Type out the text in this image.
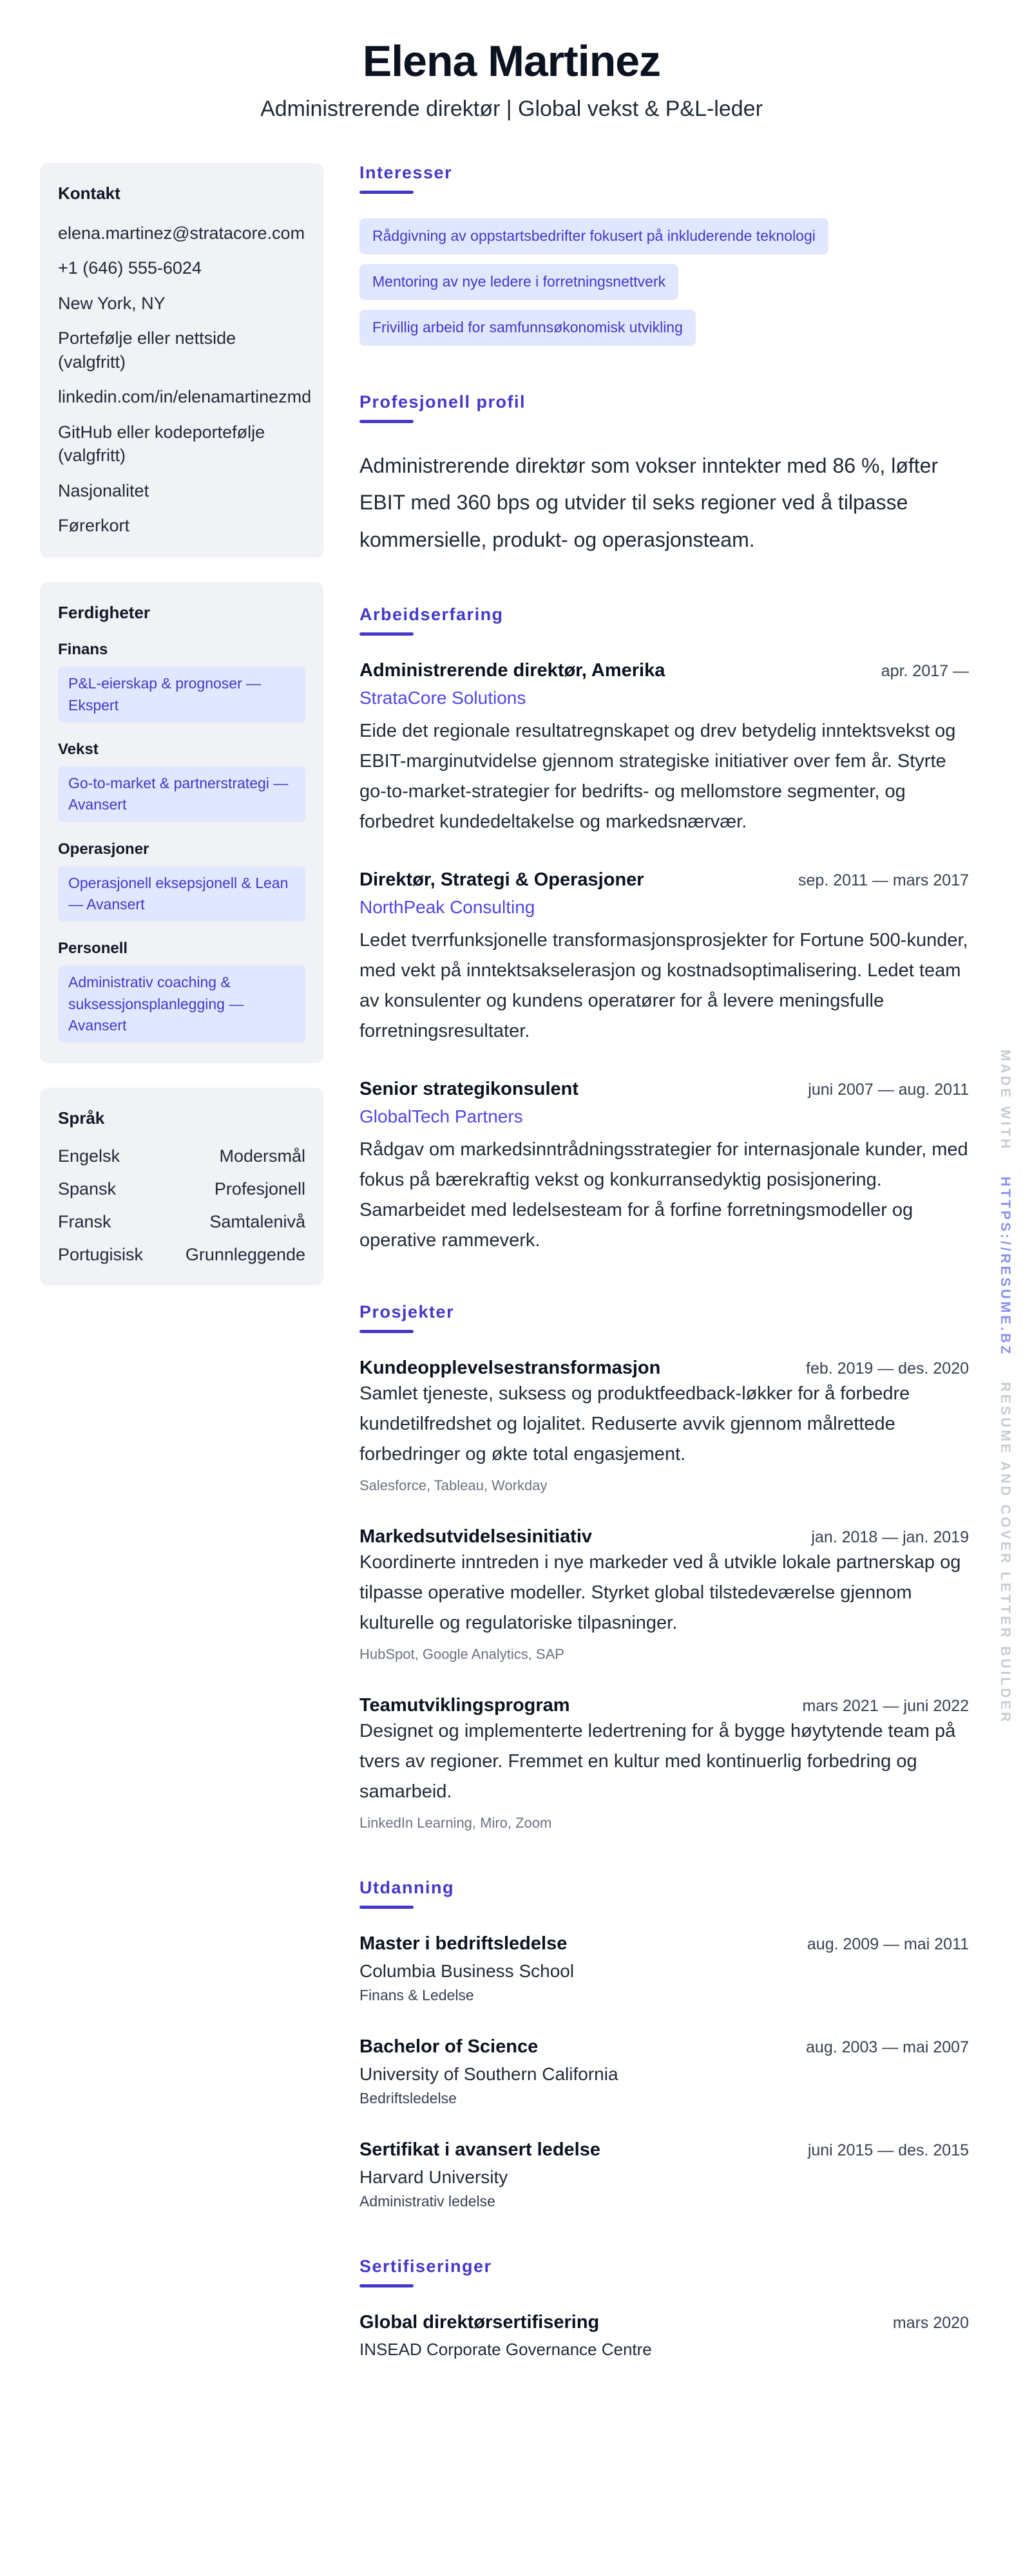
Elena Martinez
Administrerende direktør | Global vekst & P&L-leder
Kontakt
elena.martinez@stratacore.com
+1 (646) 555-6024
New York, NY
Portefølje eller nettside (valgfritt)
linkedin.com/in/elenamartinezmd
GitHub eller kodeportefølje (valgfritt)
Nasjonalitet
Førerkort
Ferdigheter
Finans
P&L-eierskap & prognoser — Ekspert
Vekst
Go-to-market & partnerstrategi — Avansert
Operasjoner
Operasjonell eksepsjonell & Lean — Avansert
Personell
Administrativ coaching & suksessjonsplanlegging — Avansert
Språk
Engelsk	Modersmål
Spansk	Profesjonell
Fransk	Samtalenivå
Portugisisk Grunnleggende
Interesser
Rådgivning av oppstartsbedrifter fokusert på inkluderende teknologi
Mentoring av nye ledere i forretningsnettverk
Frivillig arbeid for samfunnsøkonomisk utvikling
Profesjonell profil

Administrerende direktør som vokser inntekter med 86 %, løfter EBIT med 360 bps og utvider til seks regioner ved å tilpasse kommersielle, produkt- og operasjonsteam.

Arbeidserfaring
Administrerende direktør, Amerika	apr. 2017 —
StrataCore Solutions

Eide det regionale resultatregnskapet og drev betydelig inntektsvekst og EBIT-marginutvidelse gjennom strategiske initiativer over fem år. Styrte go-to-market-strategier for bedrifts- og mellomstore segmenter, og forbedret kundedeltakelse og markedsnærvær.

Direktør, Strategi & Operasjoner	sep. 2011 — mars 2017
NorthPeak Consulting

Ledet tverrfunksjonelle transformasjonsprosjekter for Fortune 500-kunder, med vekt på inntektsakselerasjon og kostnadsoptimalisering. Ledet team av konsulenter og kundens operatører for å levere meningsfulle forretningsresultater.

Senior strategikonsulent	juni 2007 — aug. 2011
GlobalTech Partners

Rådgav om markedsinntrådningsstrategier for internasjonale kunder, med fokus på bærekraftig vekst og konkurransedyktig posisjonering. Samarbeidet med ledelsesteam for å forfine forretningsmodeller og operative rammeverk.

Prosjekter
Kundeopplevelsestransformasjon	feb. 2019 — des. 2020

Samlet tjeneste, suksess og produktfeedback-løkker for å forbedre kundetilfredshet og lojalitet. Reduserte avvik gjennom målrettede forbedringer og økte total engasjement.

Salesforce, Tableau, Workday
Markedsutvidelsesinitiativ	jan. 2018 — jan. 2019

Koordinerte inntreden i nye markeder ved å utvikle lokale partnerskap og tilpasse operative modeller. Styrket global tilstedeværelse gjennom kulturelle og regulatoriske tilpasninger.

HubSpot, Google Analytics, SAP
Teamutviklingsprogram	mars 2021 — juni 2022

Designet og implementerte ledertrening for å bygge høytytende team på tvers av regioner. Fremmet en kultur med kontinuerlig forbedring og samarbeid.

LinkedIn Learning, Miro, Zoom
Utdanning
Master i bedriftsledelse	aug. 2009 — mai 2011
Columbia Business School
Finans & Ledelse
Bachelor of Science	aug. 2003 — mai 2007
University of Southern California
Bedriftsledelse
Sertifikat i avansert ledelse	juni 2015 — des. 2015
Harvard University
Administrativ ledelse
Sertifiseringer
Global direktørsertifisering	mars 2020
INSEAD Corporate Governance Centre
MADE WITH HTTPS://RESUME.BZ RESUME AND COVER LETTER BUILDER
